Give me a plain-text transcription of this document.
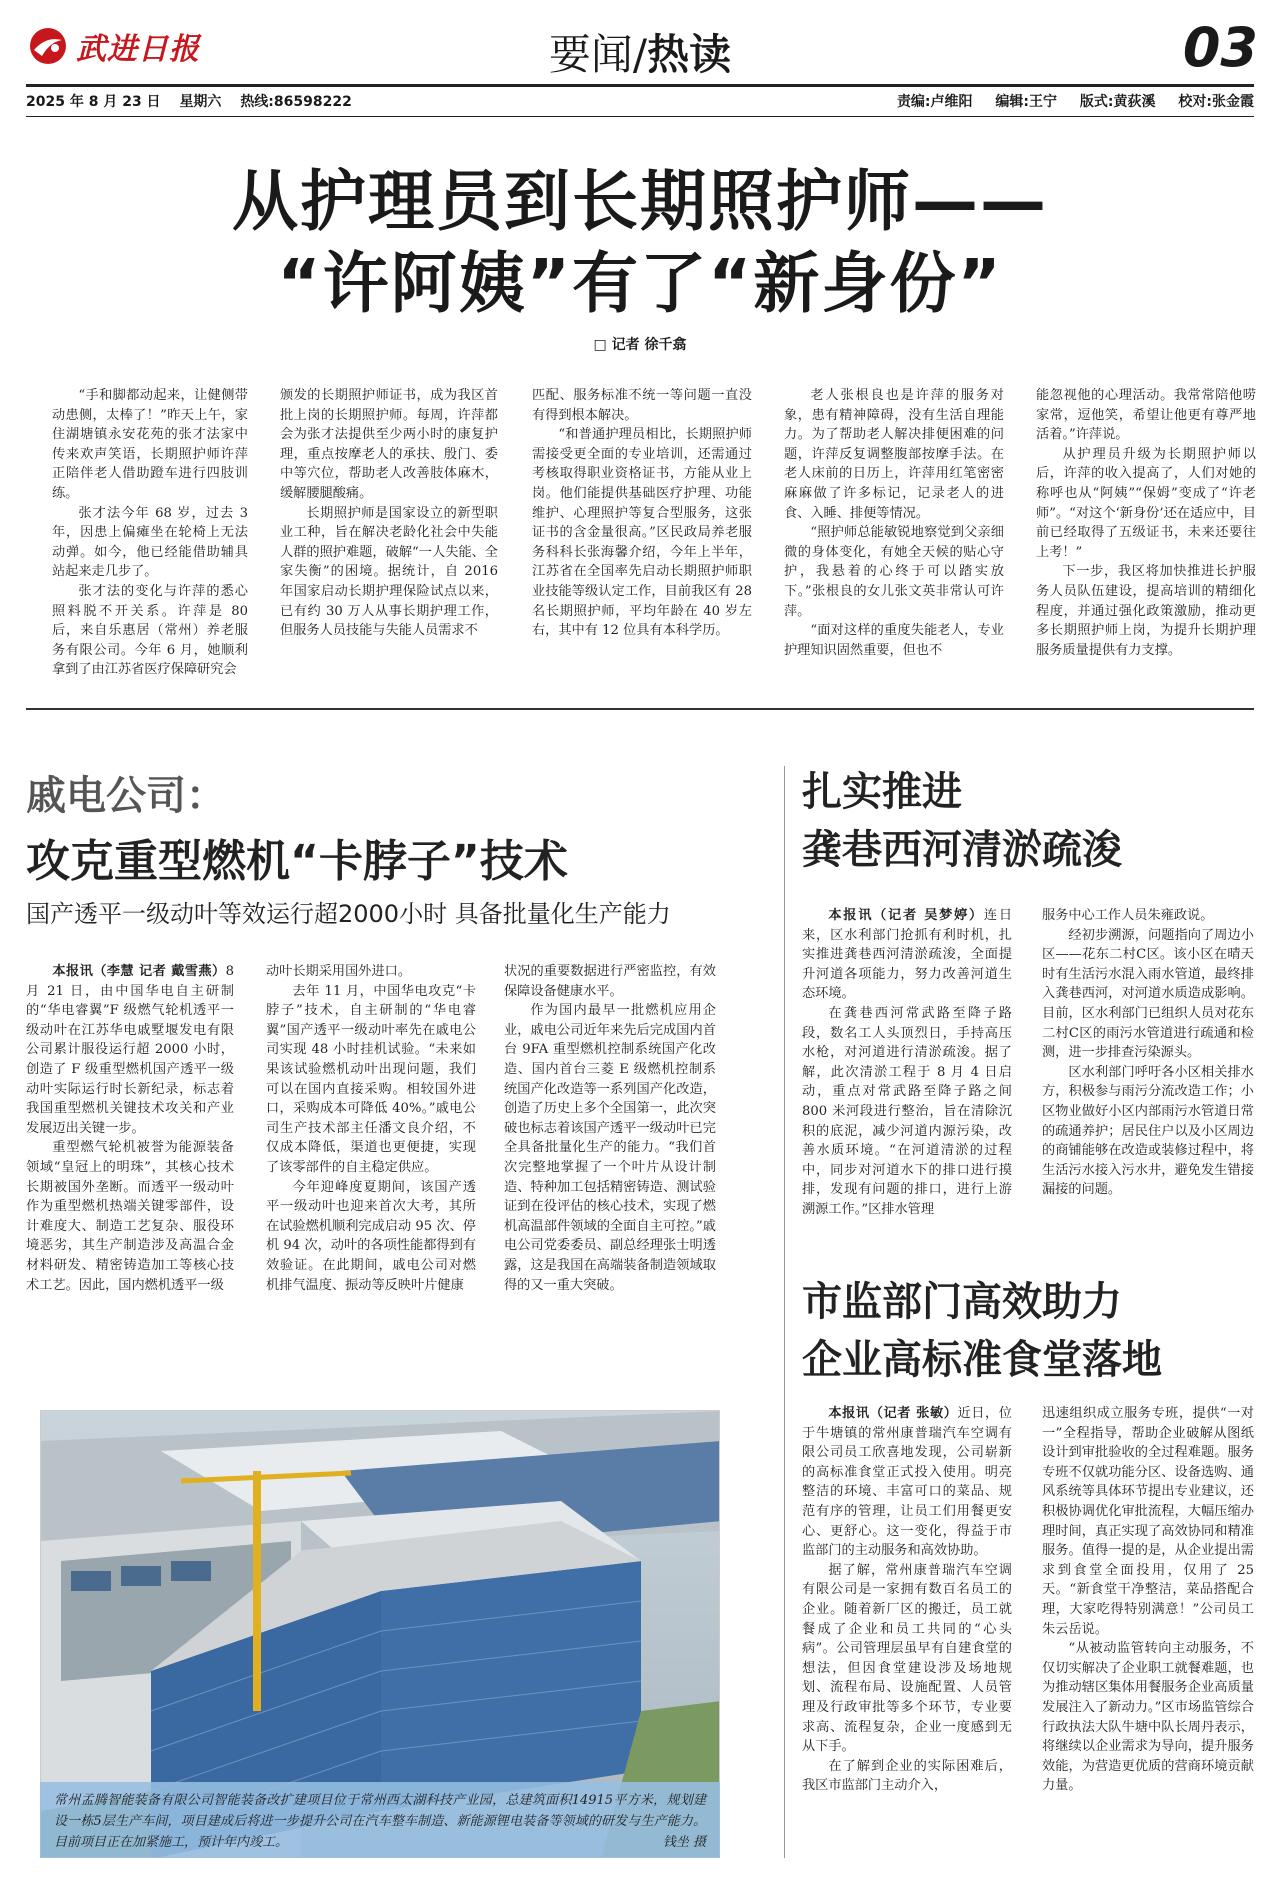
武进日报	要闻/热读	03
2025 年 8 月 23 日 星期六 热线:86598222	责编:卢维阳 编辑:王宁 版式:黄荻溪 校对:张金霞
从护理员到长期照护师——
“许阿姨”有了“新身份”
□ 记者 徐千翕

“手和脚都动起来，让健侧带动患侧，太棒了！”昨天上午，家住湖塘镇永安花苑的张才法家中传来欢声笑语，长期照护师许萍正陪伴老人借助蹬车进行四肢训练。

张才法今年 68 岁，过去 3 年，因患上偏瘫坐在轮椅上无法动弹。如今，他已经能借助辅具站起来走几步了。

张才法的变化与许萍的悉心照料脱不开关系。许萍是 80 后，来自乐惠居（常州）养老服务有限公司。今年 6 月，她顺利拿到了由江苏省医疗保障研究会

颁发的长期照护师证书，成为我区首批上岗的长期照护师。每周，许萍都会为张才法提供至少两小时的康复护理，重点按摩老人的承扶、殷门、委中等穴位，帮助老人改善肢体麻木，缓解腰腿酸痛。

长期照护师是国家设立的新型职业工种，旨在解决老龄化社会中失能人群的照护难题，破解“一人失能、全家失衡”的困境。据统计，自 2016 年国家启动长期护理保险试点以来，已有约 30 万人从事长期护理工作，但服务人员技能与失能人员需求不

匹配、服务标准不统一等问题一直没有得到根本解决。

“和普通护理员相比，长期照护师需接受更全面的专业培训，还需通过考核取得职业资格证书，方能从业上岗。他们能提供基础医疗护理、功能维护、心理照护等复合型服务，这张证书的含金量很高。”区民政局养老服务科科长张海馨介绍，今年上半年，江苏省在全国率先启动长期照护师职业技能等级认定工作，目前我区有 28 名长期照护师，平均年龄在 40 岁左右，其中有 12 位具有本科学历。

老人张根良也是许萍的服务对象，患有精神障碍，没有生活自理能力。为了帮助老人解决排便困难的问题，许萍反复调整腹部按摩手法。在老人床前的日历上，许萍用红笔密密麻麻做了许多标记，记录老人的进食、入睡、排便等情况。

“照护师总能敏锐地察觉到父亲细微的身体变化，有她全天候的贴心守护，我悬着的心终于可以踏实放下。”张根良的女儿张文英非常认可许萍。

“面对这样的重度失能老人，专业护理知识固然重要，但也不

能忽视他的心理活动。我常常陪他唠家常，逗他笑，希望让他更有尊严地活着。”许萍说。

从护理员升级为长期照护师以后，许萍的收入提高了，人们对她的称呼也从“阿姨”“保姆”变成了“许老师”。“对这个‘新身份’还在适应中，目前已经取得了五级证书，未来还要往上考！”

下一步，我区将加快推进长护服务人员队伍建设，提高培训的精细化程度，并通过强化政策激励，推动更多长期照护师上岗，为提升长期护理服务质量提供有力支撑。

戚电公司：
攻克重型燃机“卡脖子”技术
国产透平一级动叶等效运行超2000小时 具备批量化生产能力

本报讯（李慧 记者 戴雪燕）8 月 21 日，由中国华电自主研制的“华电睿翼”F 级燃气轮机透平一级动叶在江苏华电戚墅堰发电有限公司累计服役运行超 2000 小时，创造了 F 级重型燃机国产透平一级动叶实际运行时长新纪录，标志着我国重型燃机关键技术攻关和产业发展迈出关键一步。

重型燃气轮机被誉为能源装备领域“皇冠上的明珠”，其核心技术长期被国外垄断。而透平一级动叶作为重型燃机热端关键零部件，设计难度大、制造工艺复杂、服役环境恶劣，其生产制造涉及高温合金材料研发、精密铸造加工等核心技术工艺。因此，国内燃机透平一级

动叶长期采用国外进口。

去年 11 月，中国华电攻克“卡脖子”技术，自主研制的“华电睿翼”国产透平一级动叶率先在戚电公司实现 48 小时挂机试验。“未来如果该试验燃机动叶出现问题，我们可以在国内直接采购。相较国外进口，采购成本可降低 40%。”戚电公司生产技术部主任潘文良介绍，不仅成本降低，渠道也更便捷，实现了该零部件的自主稳定供应。

今年迎峰度夏期间，该国产透平一级动叶也迎来首次大考，其所在试验燃机顺利完成启动 95 次、停机 94 次，动叶的各项性能都得到有效验证。在此期间，戚电公司对燃机排气温度、振动等反映叶片健康

状况的重要数据进行严密监控，有效保障设备健康水平。

作为国内最早一批燃机应用企业，戚电公司近年来先后完成国内首台 9FA 重型燃机控制系统国产化改造、国内首台三菱 E 级燃机控制系统国产化改造等一系列国产化改造，创造了历史上多个全国第一，此次突破也标志着该国产透平一级动叶已完全具备批量化生产的能力。“我们首次完整地掌握了一个叶片从设计制造、特种加工包括精密铸造、测试验证到在役评估的核心技术，实现了燃机高温部件领域的全面自主可控。”戚电公司党委委员、副总经理张士明透露，这是我国在高端装备制造领域取得的又一重大突破。

常州孟腾智能装备有限公司智能装备改扩建项目位于常州西太湖科技产业园，总建筑面积14915平方米，规划建设一栋5层生产车间，项目建成后将进一步提升公司在汽车整车制造、新能源锂电装备等领域的研发与生产能力。目前项目正在加紧施工，预计年内竣工。	钱坐 摄
扎实推进
龚巷西河清淤疏浚

本报讯（记者 吴梦婷）连日来，区水利部门抢抓有利时机，扎实推进龚巷西河清淤疏浚，全面提升河道各项能力，努力改善河道生态环境。

在龚巷西河常武路至降子路段，数名工人头顶烈日，手持高压水枪，对河道进行清淤疏浚。据了解，此次清淤工程于 8 月 4 日启动，重点对常武路至降子路之间 800 米河段进行整治，旨在清除沉积的底泥，减少河道内源污染，改善水质环境。“在河道清淤的过程中，同步对河道水下的排口进行摸排，发现有问题的排口，进行上游溯源工作。”区排水管理

服务中心工作人员朱雍政说。

经初步溯源，问题指向了周边小区——花东二村C区。该小区在晴天时有生活污水混入雨水管道，最终排入龚巷西河，对河道水质造成影响。目前，区水利部门已组织人员对花东二村C区的雨污水管道进行疏通和检测，进一步排查污染源头。

区水利部门呼吁各小区相关排水方，积极参与雨污分流改造工作；小区物业做好小区内部雨污水管道日常的疏通养护；居民住户以及小区周边的商铺能够在改造或装修过程中，将生活污水接入污水井，避免发生错接漏接的问题。

市监部门高效助力
企业高标准食堂落地

本报讯（记者 张敏）近日，位于牛塘镇的常州康普瑞汽车空调有限公司员工欣喜地发现，公司崭新的高标准食堂正式投入使用。明亮整洁的环境、丰富可口的菜品、规范有序的管理，让员工们用餐更安心、更舒心。这一变化，得益于市监部门的主动服务和高效协助。

据了解，常州康普瑞汽车空调有限公司是一家拥有数百名员工的企业。随着新厂区的搬迁，员工就餐成了企业和员工共同的“心头病”。公司管理层虽早有自建食堂的想法，但因食堂建设涉及场地规划、流程布局、设施配置、人员管理及行政审批等多个环节，专业要求高、流程复杂，企业一度感到无从下手。

在了解到企业的实际困难后，我区市监部门主动介入，

迅速组织成立服务专班，提供“一对一”全程指导，帮助企业破解从图纸设计到审批验收的全过程难题。服务专班不仅就功能分区、设备选购、通风系统等具体环节提出专业建议，还积极协调优化审批流程，大幅压缩办理时间，真正实现了高效协同和精准服务。值得一提的是，从企业提出需求到食堂全面投用，仅用了 25 天。“新食堂干净整洁，菜品搭配合理，大家吃得特别满意！”公司员工朱云岳说。

“从被动监管转向主动服务，不仅切实解决了企业职工就餐难题，也为推动辖区集体用餐服务企业高质量发展注入了新动力。”区市场监管综合行政执法大队牛塘中队长周丹表示，将继续以企业需求为导向，提升服务效能，为营造更优质的营商环境贡献力量。
